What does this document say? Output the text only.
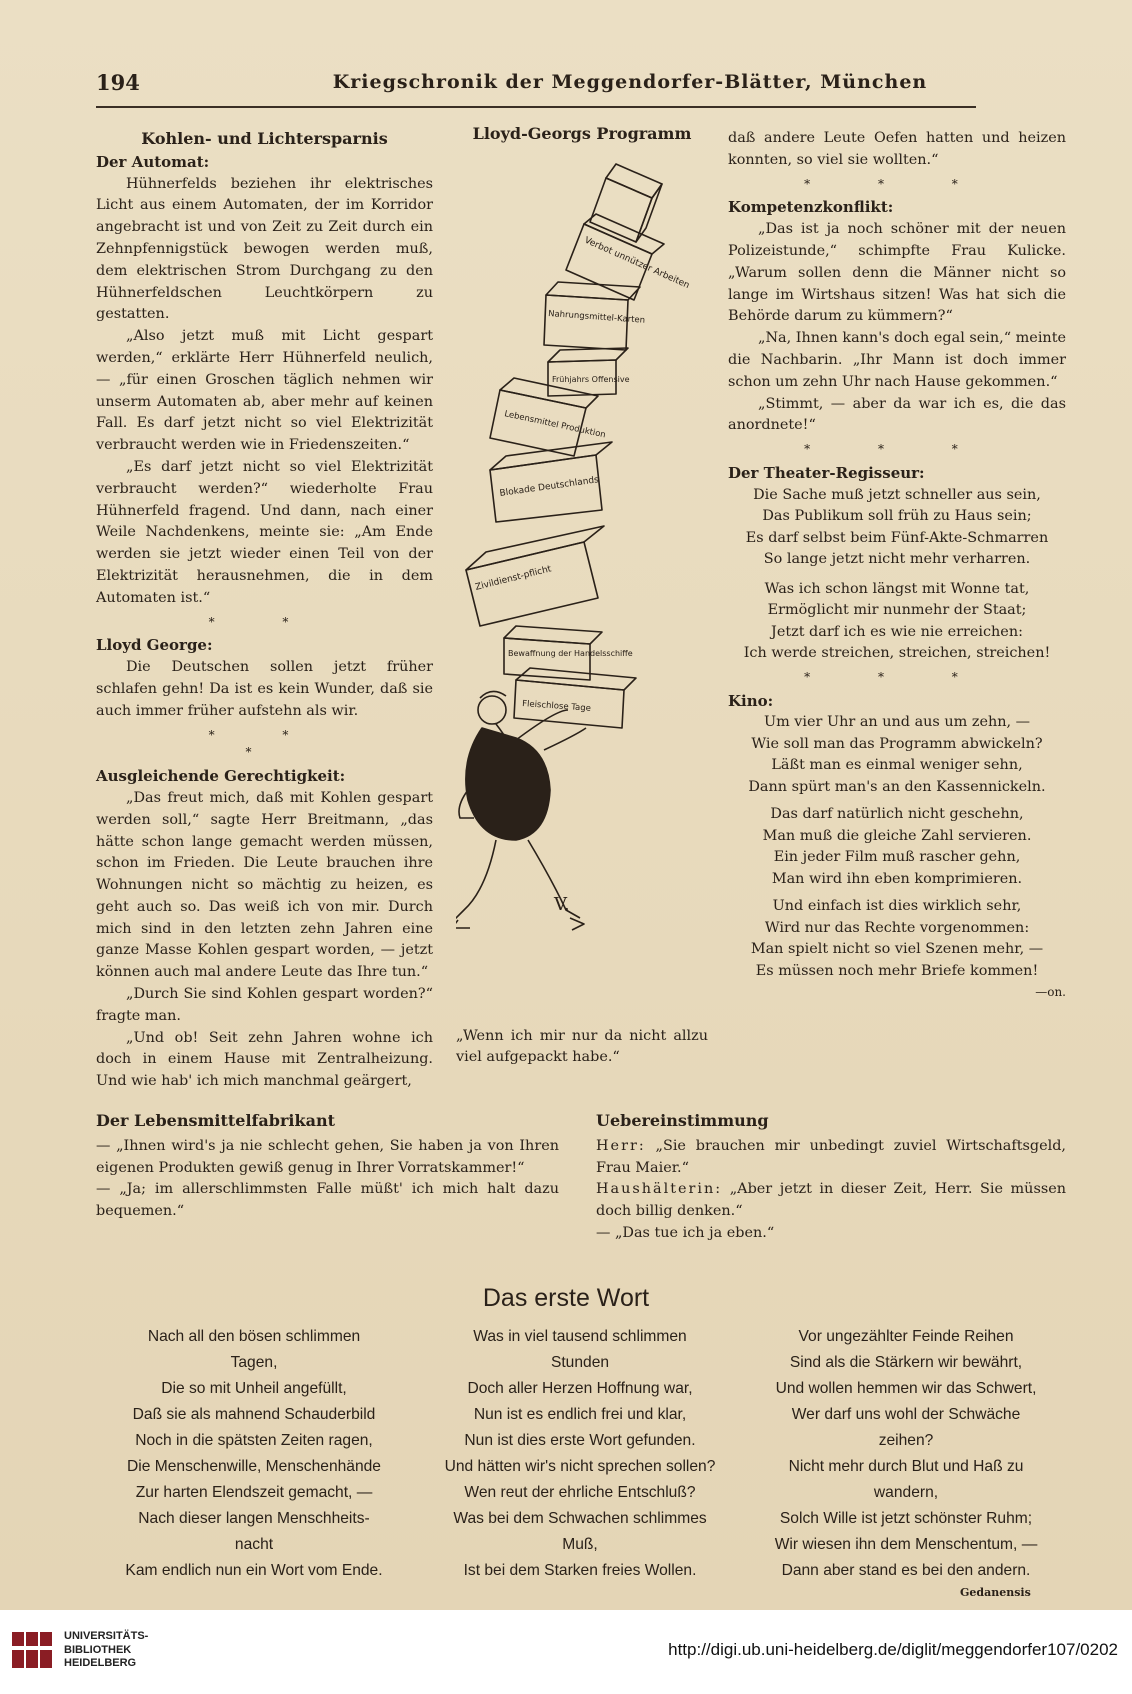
194	Kriegschronik der Meggendorfer-Blätter, München

Kohlen- und Lichtersparnis

Der Automat:

Hühnerfelds beziehen ihr elektrisches Licht aus einem Automaten, der im Korridor angebracht ist und von Zeit zu Zeit durch ein Zehnpfennigstück bewogen werden muß, dem elektrischen Strom Durchgang zu den Hühnerfeldschen Leuchtkörpern zu gestatten.

„Also jetzt muß mit Licht gespart werden,“ erklärte Herr Hühnerfeld neulich, — „für einen Groschen täglich nehmen wir unserm Automaten ab, aber mehr auf keinen Fall. Es darf jetzt nicht so viel Elektrizität verbraucht werden wie in Friedenszeiten.“

„Es darf jetzt nicht so viel Elektrizität verbraucht werden?“ wiederholte Frau Hühnerfeld fragend. Und dann, nach einer Weile Nachdenkens, meinte sie: „Am Ende werden sie jetzt wieder einen Teil von der Elektrizität herausnehmen, die in dem Automaten ist.“

* *

Lloyd George:

Die Deutschen sollen jetzt früher schlafen gehn! Da ist es kein Wunder, daß sie auch immer früher aufstehn als wir.

* *

*

Ausgleichende Gerechtigkeit:

„Das freut mich, daß mit Kohlen gespart werden soll,“ sagte Herr Breitmann, „das hätte schon lange gemacht werden müssen, schon im Frieden. Die Leute brauchen ihre Wohnungen nicht so mächtig zu heizen, es geht auch so. Das weiß ich von mir. Durch mich sind in den letzten zehn Jahren eine ganze Masse Kohlen gespart worden, — jetzt können auch mal andere Leute das Ihre tun.“

„Durch Sie sind Kohlen gespart worden?“ fragte man.

„Und ob! Seit zehn Jahren wohne ich doch in einem Hause mit Zentralheizung. Und wie hab' ich mich manchmal geärgert,

Lloyd-Georgs Programm
Verbot unnützer Arbeiten
Nahrungsmittel-Karten
Frühjahrs Offensive
Lebensmittel Produktion
Blokade Deutschlands
Zivildienst-pflicht
Bewaffnung der Handelsschiffe
Fleischlose Tage
V.
„Wenn ich mir nur da nicht allzu viel aufgepackt habe.“

daß andere Leute Oefen hatten und heizen konnten, so viel sie wollten.“

* * *

Kompetenzkonflikt:

„Das ist ja noch schöner mit der neuen Polizeistunde,“ schimpfte Frau Kulicke. „Warum sollen denn die Männer nicht so lange im Wirtshaus sitzen! Was hat sich die Behörde darum zu kümmern?“

„Na, Ihnen kann's doch egal sein,“ meinte die Nachbarin. „Ihr Mann ist doch immer schon um zehn Uhr nach Hause gekommen.“

„Stimmt, — aber da war ich es, die das anordnete!“

* * *

Der Theater-Regisseur:

Die Sache muß jetzt schneller aus sein,

Das Publikum soll früh zu Haus sein;

Es darf selbst beim Fünf-Akte-Schmarren

So lange jetzt nicht mehr verharren.

Was ich schon längst mit Wonne tat,

Ermöglicht mir nunmehr der Staat;

Jetzt darf ich es wie nie erreichen:

Ich werde streichen, streichen, streichen!

* * *

Kino:

Um vier Uhr an und aus um zehn, —

Wie soll man das Programm abwickeln?

Läßt man es einmal weniger sehn,

Dann spürt man's an den Kassennickeln.

Das darf natürlich nicht geschehn,

Man muß die gleiche Zahl servieren.

Ein jeder Film muß rascher gehn,

Man wird ihn eben komprimieren.

Und einfach ist dies wirklich sehr,

Wird nur das Rechte vorgenommen:

Man spielt nicht so viel Szenen mehr, —

Es müssen noch mehr Briefe kommen!

—on.

Der Lebensmittelfabrikant

— „Ihnen wird's ja nie schlecht gehen, Sie haben ja von Ihren eigenen Produkten gewiß genug in Ihrer Vorratskammer!“

— „Ja; im allerschlimmsten Falle müßt' ich mich halt dazu bequemen.“

Uebereinstimmung

Herr: „Sie brauchen mir unbedingt zuviel Wirtschaftsgeld, Frau Maier.“

Haushälterin: „Aber jetzt in dieser Zeit, Herr. Sie müssen doch billig denken.“

— „Das tue ich ja eben.“

Das erste Wort

Nach all den bösen schlimmen

Tagen,

Die so mit Unheil angefüllt,

Daß sie als mahnend Schauderbild

Noch in die spätsten Zeiten ragen,

Die Menschenwille, Menschenhände

Zur harten Elendszeit gemacht, —

Nach dieser langen Menschheits-

nacht

Kam endlich nun ein Wort vom Ende.

Was in viel tausend schlimmen

Stunden

Doch aller Herzen Hoffnung war,

Nun ist es endlich frei und klar,

Nun ist dies erste Wort gefunden.

Und hätten wir's nicht sprechen sollen?

Wen reut der ehrliche Entschluß?

Was bei dem Schwachen schlimmes

Muß,

Ist bei dem Starken freies Wollen.

Vor ungezählter Feinde Reihen

Sind als die Stärkern wir bewährt,

Und wollen hemmen wir das Schwert,

Wer darf uns wohl der Schwäche

zeihen?

Nicht mehr durch Blut und Haß zu

wandern,

Solch Wille ist jetzt schönster Ruhm;

Wir wiesen ihn dem Menschentum, —

Dann aber stand es bei den andern.

Gedanensis
UNIVERSITÄTS-
BIBLIOTHEK
HEIDELBERG
http://digi.ub.uni-heidelberg.de/diglit/meggendorfer107/0202
